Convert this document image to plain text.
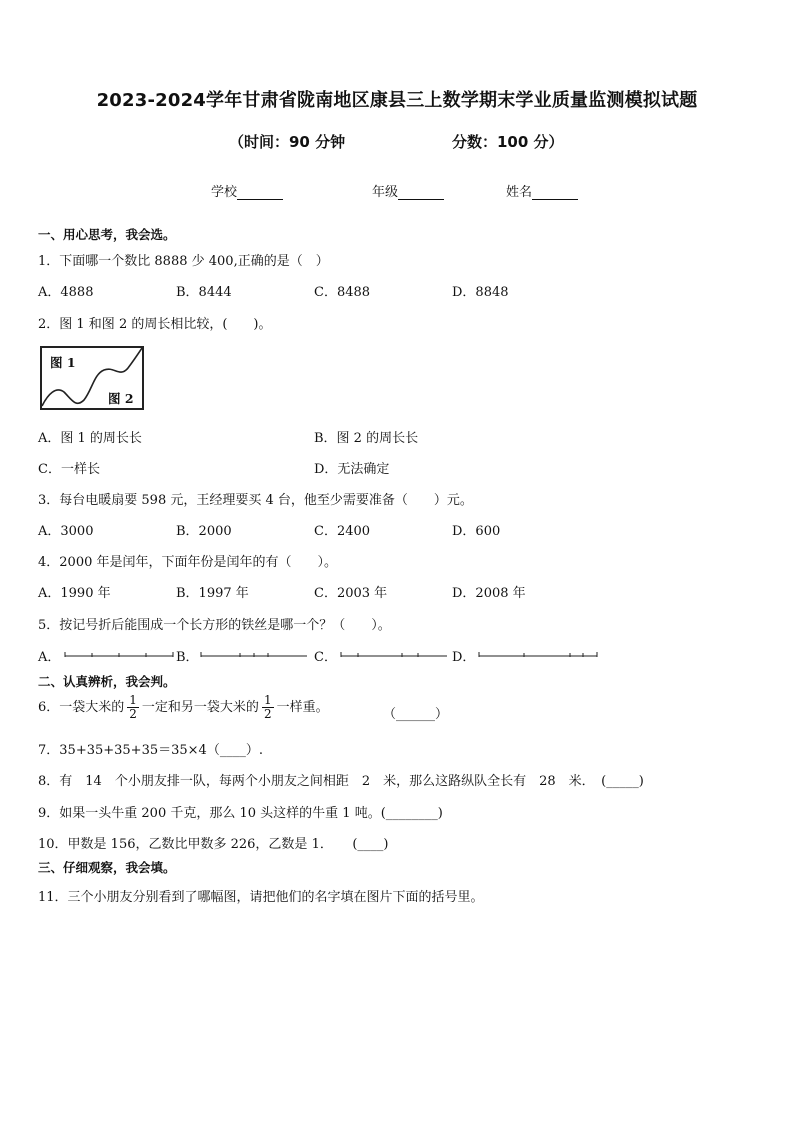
2023-2024学年甘肃省陇南地区康县三上数学期末学业质量监测模拟试题
（时间：90 分钟	分数：100 分）
学校	年级	姓名
一、用心思考，我会选。
1．下面哪一个数比 8888 少 400,正确的是（　）
A．4888	B．8444	C．8488	D．8848
2．图 1 和图 2 的周长相比较，(　　)。
图 1
图 2
A．图 1 的周长长	B．图 2 的周长长
C．一样长	D．无法确定
3．每台电暖扇要 598 元，王经理要买 4 台，他至少需要准备（　　）元。
A．3000	B．2000	C．2400	D．600
4．2000 年是闰年，下面年份是闰年的有（　　）。
A．1990 年	B．1997 年	C．2003 年	D．2008 年
5．按记号折后能围成一个长方形的铁丝是哪一个？（　　）。
A．	B．	C．	D．
二、认真辨析，我会判。
6．一袋大米的 $\frac{1}{2}$ 一定和另一袋大米的 $\frac{1}{2}$ 一样重。	（______）
7．35+35+35+35＝35×4（____）.
8．有　14　个小朋友排一队，每两个小朋友之间相距　2　米，那么这路纵队全长有　28　米．　(_____)
9．如果一头牛重 200 千克，那么 10 头这样的牛重 1 吨。(________)
10．甲数是 156，乙数比甲数多 226，乙数是 1．　　(____)
三、仔细观察，我会填。
11．三个小朋友分别看到了哪幅图，请把他们的名字填在图片下面的括号里。
